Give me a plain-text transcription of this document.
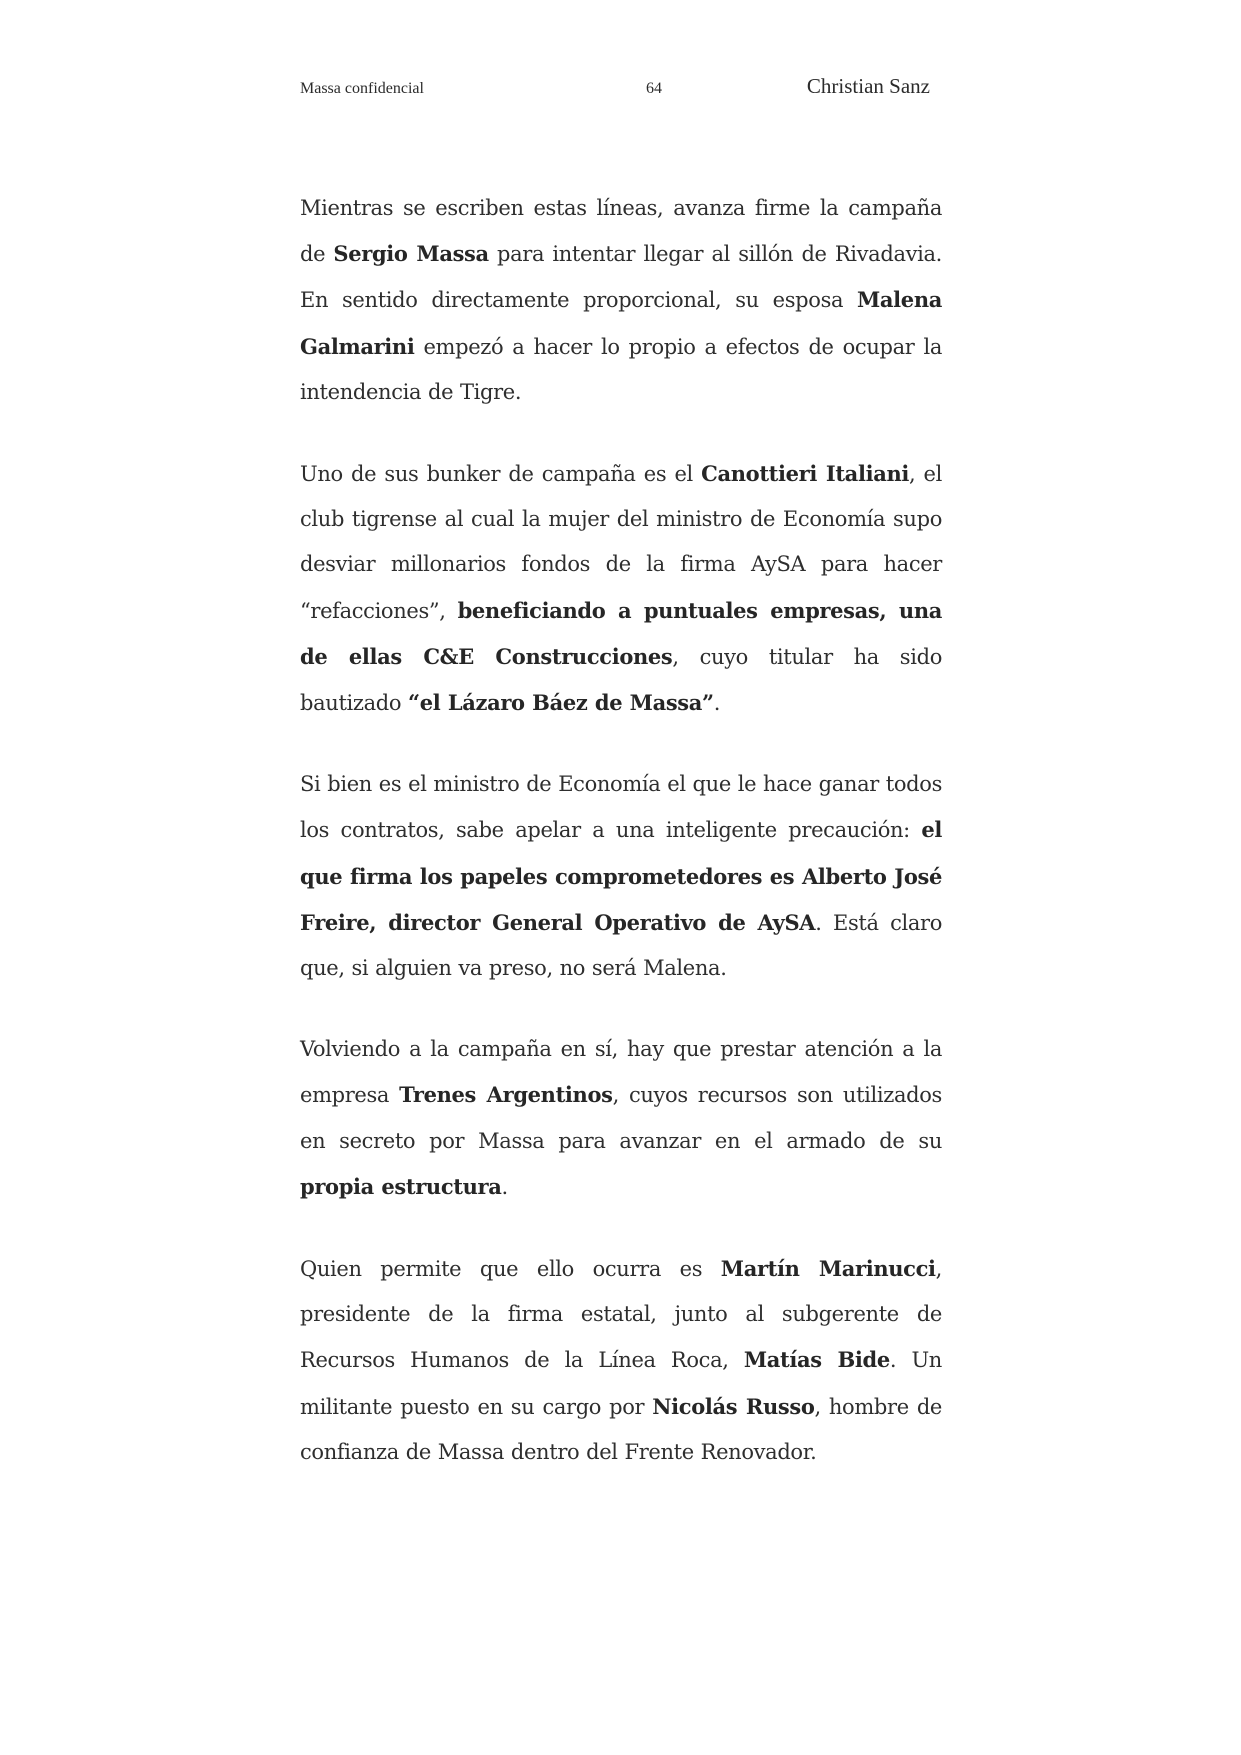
Massa confidencial	64	Christian Sanz

Mientras se escriben estas líneas, avanza firme la campaña de Sergio Massa para intentar llegar al sillón de Rivadavia. En sentido directamente proporcional, su esposa Malena Galmarini empezó a hacer lo propio a efectos de ocupar la intendencia de Tigre.

Uno de sus bunker de campaña es el Canottieri Italiani, el club tigrense al cual la mujer del ministro de Economía supo desviar millonarios fondos de la firma AySA para hacer “refacciones”, beneficiando a puntuales empresas, una de ellas C&E Construcciones, cuyo titular ha sido bautizado “el Lázaro Báez de Massa”.

Si bien es el ministro de Economía el que le hace ganar todos los contratos, sabe apelar a una inteligente precaución: el que firma los papeles comprometedores es Alberto José Freire, director General Operativo de AySA. Está claro que, si alguien va preso, no será Malena.

Volviendo a la campaña en sí, hay que prestar atención a la empresa Trenes Argentinos, cuyos recursos son utilizados en secreto por Massa para avanzar en el armado de su propia estructura.

Quien permite que ello ocurra es Martín Marinucci, presidente de la firma estatal, junto al subgerente de Recursos Humanos de la Línea Roca, Matías Bide. Un militante puesto en su cargo por Nicolás Russo, hombre de confianza de Massa dentro del Frente Renovador.
